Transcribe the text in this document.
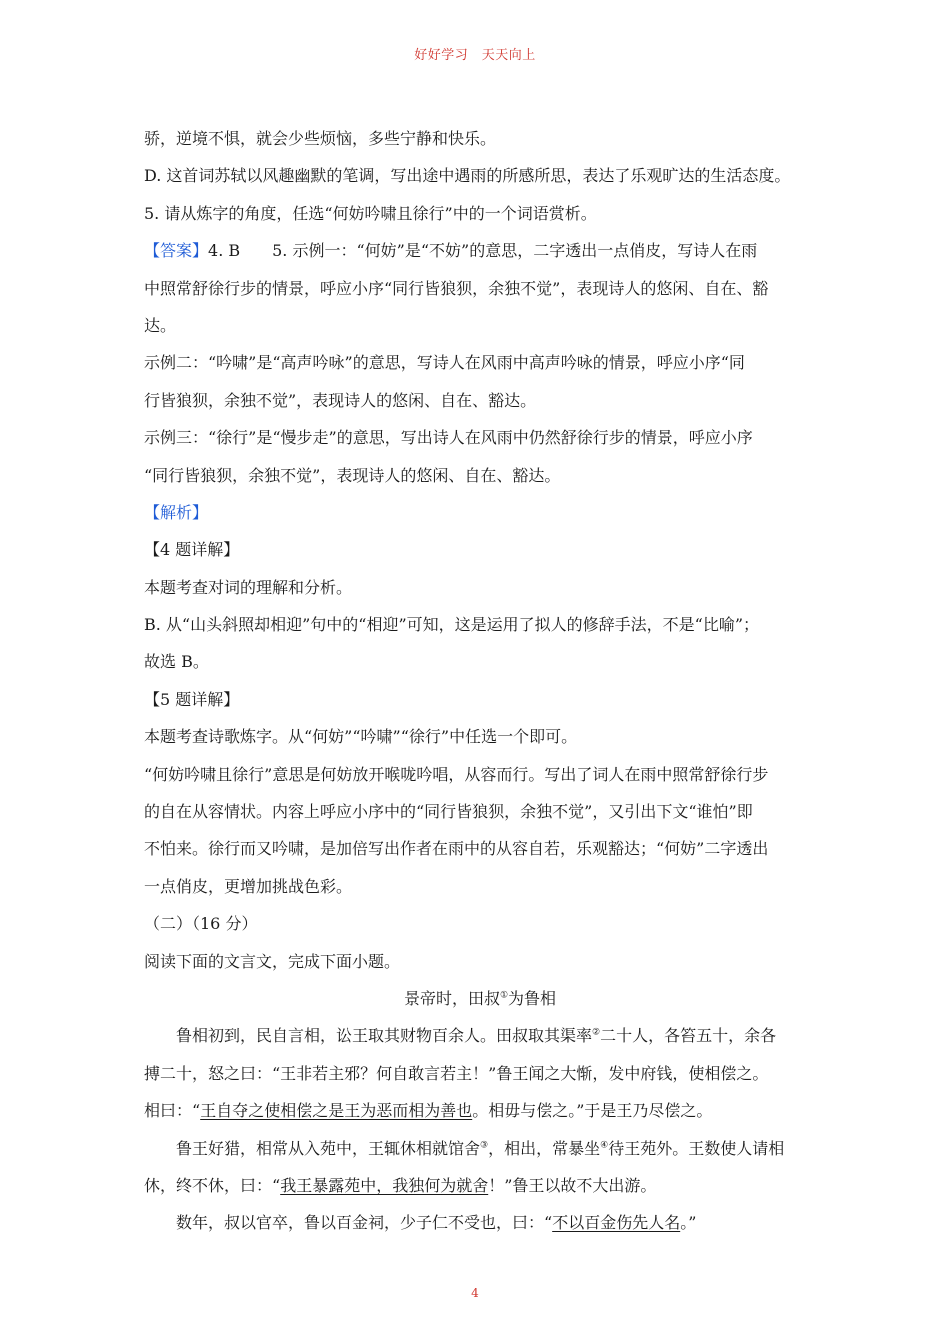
好好学习　天天向上
骄，逆境不惧，就会少些烦恼，多些宁静和快乐。
D. 这首词苏轼以风趣幽默的笔调，写出途中遇雨的所感所思，表达了乐观旷达的生活态度。
5. 请从炼字的角度，任选“何妨吟啸且徐行”中的一个词语赏析。
【答案】4. B　　5. 示例一：“何妨”是“不妨”的意思，二字透出一点俏皮，写诗人在雨
中照常舒徐行步的情景，呼应小序“同行皆狼狈，余独不觉”，表现诗人的悠闲、自在、豁
达。
示例二：“吟啸”是“高声吟咏”的意思，写诗人在风雨中高声吟咏的情景，呼应小序“同
行皆狼狈，余独不觉”，表现诗人的悠闲、自在、豁达。
示例三：“徐行”是“慢步走”的意思，写出诗人在风雨中仍然舒徐行步的情景，呼应小序
“同行皆狼狈，余独不觉”，表现诗人的悠闲、自在、豁达。
【解析】
【4 题详解】
本题考查对词的理解和分析。
B. 从“山头斜照却相迎”句中的“相迎”可知，这是运用了拟人的修辞手法，不是“比喻”；
故选 B。
【5 题详解】
本题考查诗歌炼字。从“何妨”“吟啸”“徐行”中任选一个即可。
“何妨吟啸且徐行”意思是何妨放开喉咙吟唱，从容而行。写出了词人在雨中照常舒徐行步
的自在从容情状。内容上呼应小序中的“同行皆狼狈，余独不觉”，又引出下文“谁怕”即
不怕来。徐行而又吟啸，是加倍写出作者在雨中的从容自若，乐观豁达；“何妨”二字透出
一点俏皮，更增加挑战色彩。
（二）（16 分）
阅读下面的文言文，完成下面小题。
景帝时，田叔①为鲁相
鲁相初到，民自言相，讼王取其财物百余人。田叔取其渠率②二十人，各笞五十，余各
搏二十，怒之曰：“王非若主邪？何自敢言若主！”鲁王闻之大惭，发中府钱，使相偿之。
相曰：“王自夺之使相偿之是王为恶而相为善也。相毋与偿之。”于是王乃尽偿之。
鲁王好猎，相常从入苑中，王辄休相就馆舍③，相出，常暴坐④待王苑外。王数使人请相
休，终不休，曰：“我王暴露苑中，我独何为就舍！”鲁王以故不大出游。
数年，叔以官卒，鲁以百金祠，少子仁不受也，曰：“不以百金伤先人名。”
4
